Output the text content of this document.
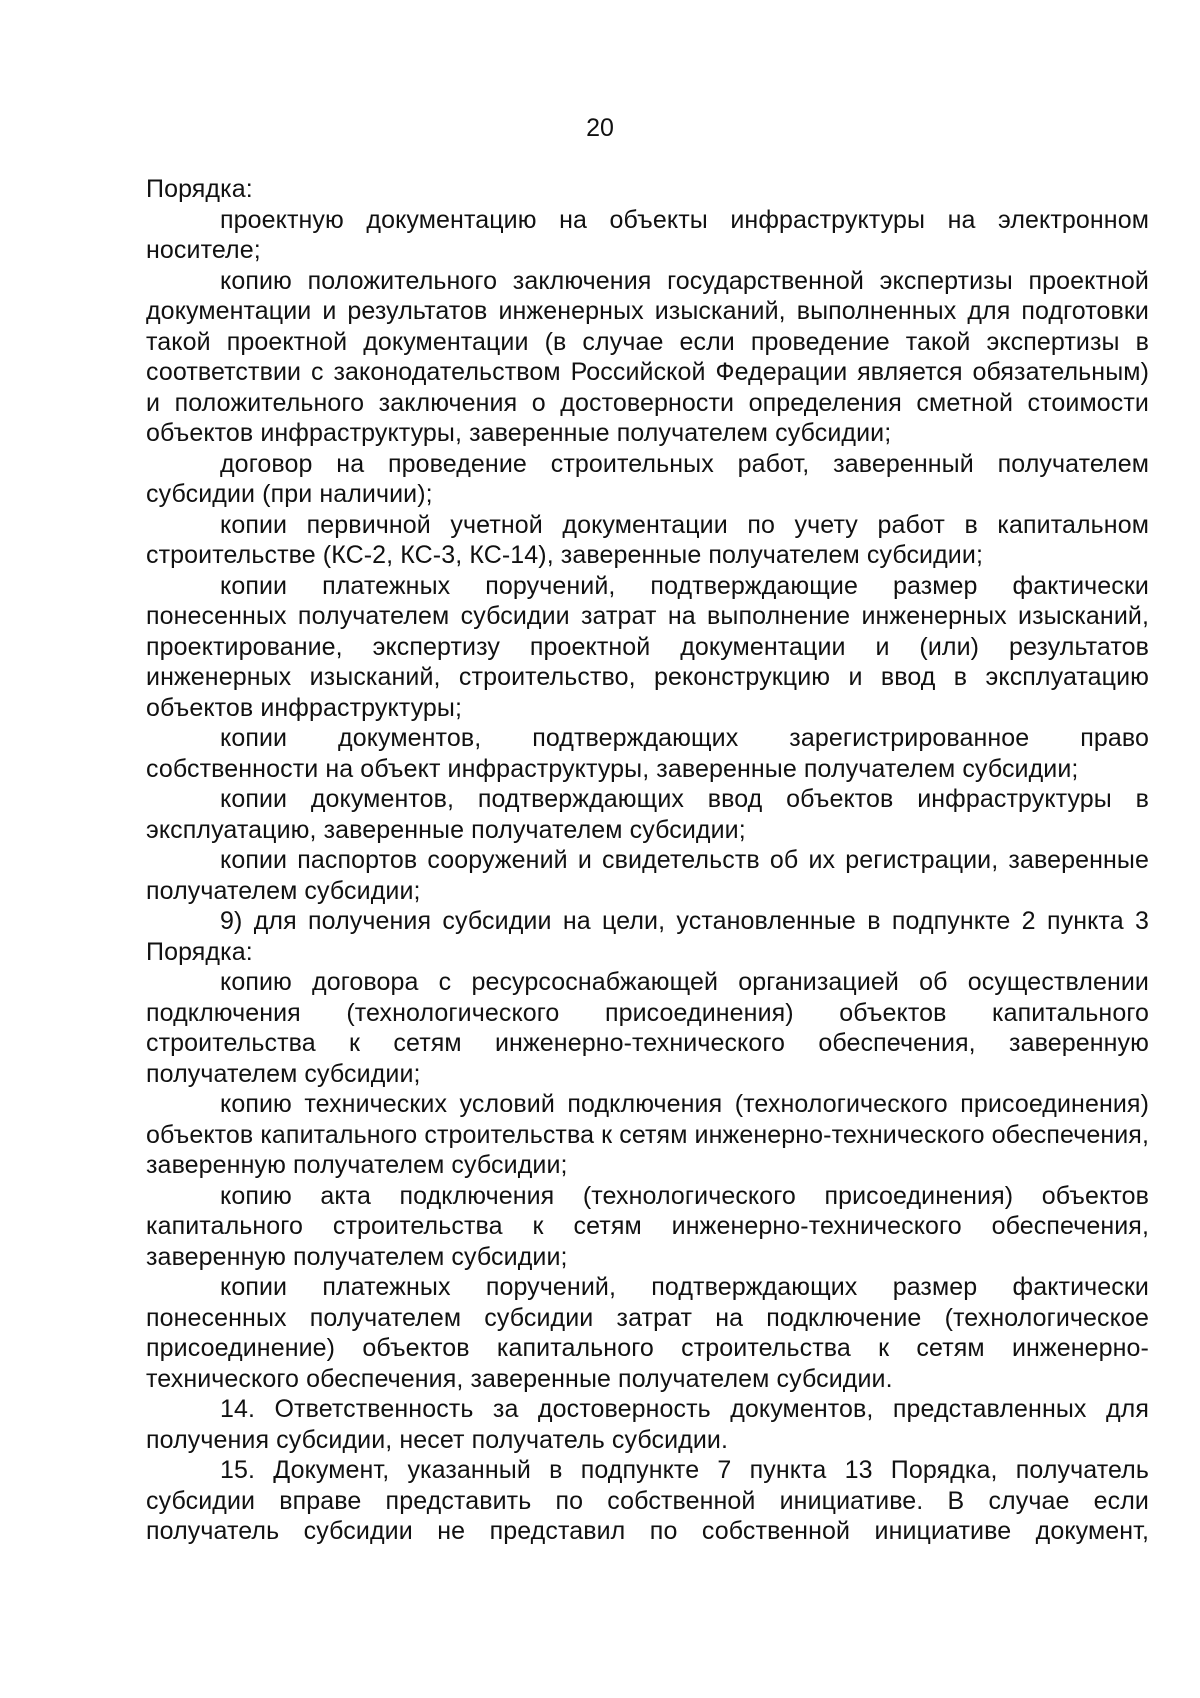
20

Порядка:

проектную документацию на объекты инфраструктуры на электронном носителе;

копию положительного заключения государственной экспертизы проектной документации и результатов инженерных изысканий, выполненных для подготовки такой проектной документации (в случае если проведение такой экспертизы в соответствии с законодательством Российской Федерации является обязательным) и положительного заключения о достоверности определения сметной стоимости объектов инфраструктуры, заверенные получателем субсидии;

договор на проведение строительных работ, заверенный получателем субсидии (при наличии);

копии первичной учетной документации по учету работ в капитальном строительстве (КС-2, КС-3, КС-14), заверенные получателем субсидии;

копии платежных поручений, подтверждающие размер фактически понесенных получателем субсидии затрат на выполнение инженерных изысканий, проектирование, экспертизу проектной документации и (или) результатов инженерных изысканий, строительство, реконструкцию и ввод в эксплуатацию объектов инфраструктуры;

копии документов, подтверждающих зарегистрированное право собственности на объект инфраструктуры, заверенные получателем субсидии;

копии документов, подтверждающих ввод объектов инфраструктуры в эксплуатацию, заверенные получателем субсидии;

копии паспортов сооружений и свидетельств об их регистрации, заверенные получателем субсидии;

9) для получения субсидии на цели, установленные в подпункте 2 пункта 3 Порядка:

копию договора с ресурсоснабжающей организацией об осуществлении подключения (технологического присоединения) объектов капитального строительства к сетям инженерно-технического обеспечения, заверенную получателем субсидии;

копию технических условий подключения (технологического присоединения) объектов капитального строительства к сетям инженерно-технического обеспечения, заверенную получателем субсидии;

копию акта подключения (технологического присоединения) объектов капитального строительства к сетям инженерно-технического обеспечения, заверенную получателем субсидии;

копии платежных поручений, подтверждающих размер фактически понесенных получателем субсидии затрат на подключение (технологическое присоединение) объектов капитального строительства к сетям инженерно-технического обеспечения, заверенные получателем субсидии.

14. Ответственность за достоверность документов, представленных для получения субсидии, несет получатель субсидии.

15. Документ, указанный в подпункте 7 пункта 13 Порядка, получатель субсидии вправе представить по собственной инициативе. В случае если получатель субсидии не представил по собственной инициативе документ,
